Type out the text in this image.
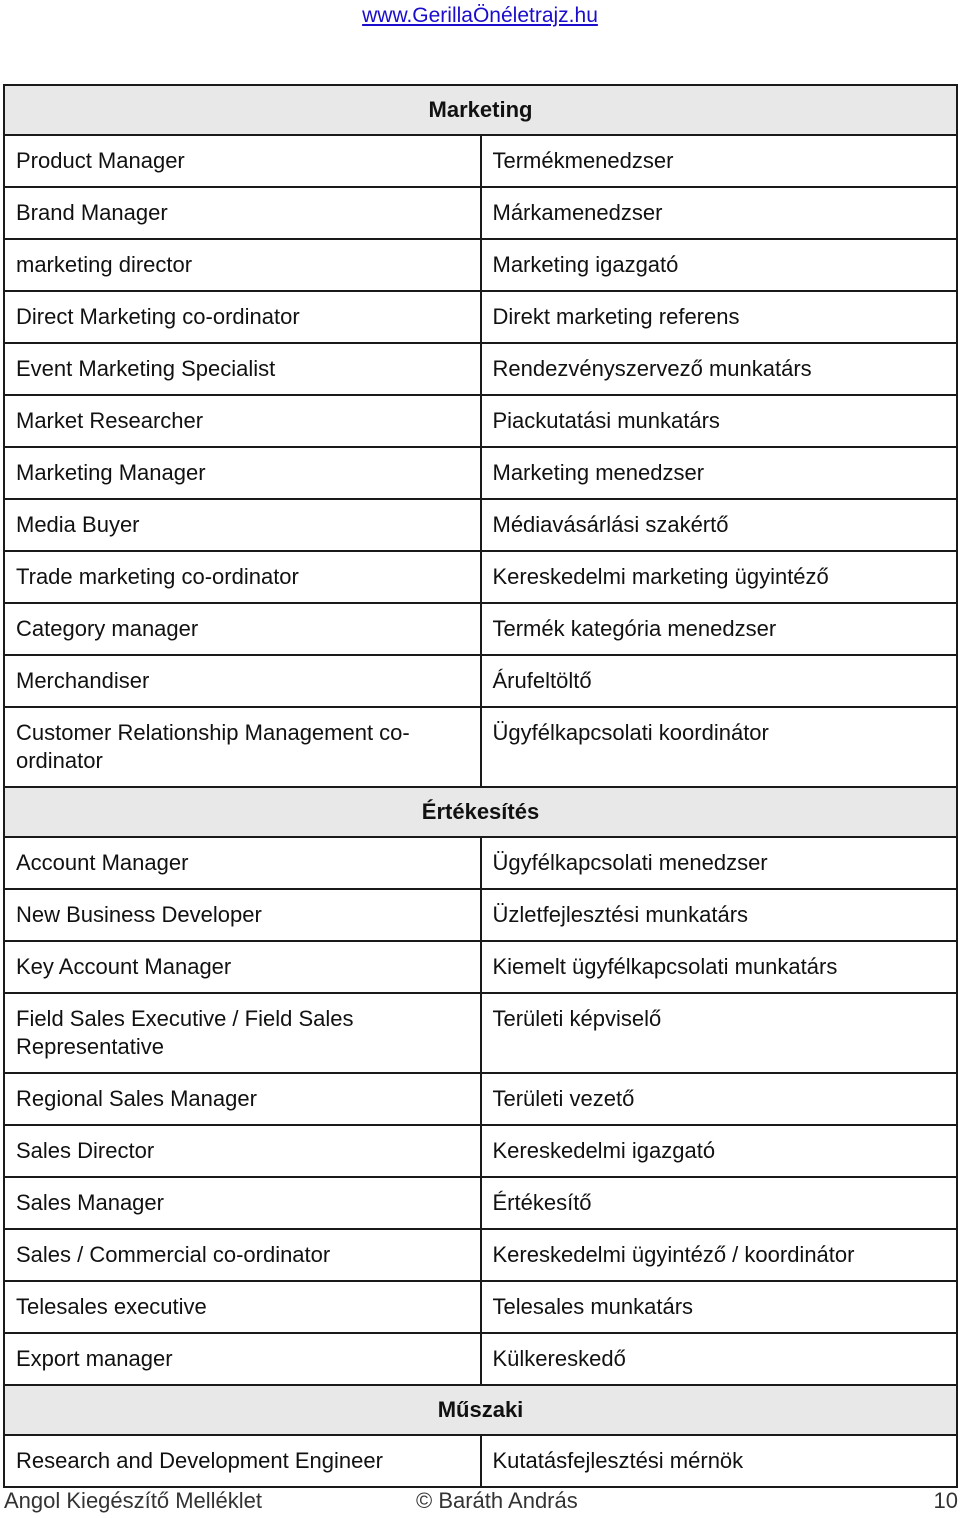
www.GerillaÖnéletrajz.hu
Marketing	
Product Manager	Termékmenedzser
Brand Manager	Márkamenedzser
marketing director	Marketing igazgató
Direct Marketing co-ordinator	Direkt marketing referens
Event Marketing Specialist	Rendezvényszervező munkatárs
Market Researcher	Piackutatási munkatárs
Marketing Manager	Marketing menedzser
Media Buyer	Médiavásárlási szakértő
Trade marketing co-ordinator	Kereskedelmi marketing ügyintéző
Category manager	Termék kategória menedzser
Merchandiser	Árufeltöltő
Customer Relationship Management co-ordinator	Ügyfélkapcsolati koordinátor
Értékesítés	
Account Manager	Ügyfélkapcsolati menedzser
New Business Developer	Üzletfejlesztési munkatárs
Key Account Manager	Kiemelt ügyfélkapcsolati munkatárs
Field Sales Executive / Field Sales Representative	Területi képviselő
Regional Sales Manager	Területi vezető
Sales Director	Kereskedelmi igazgató
Sales Manager	Értékesítő
Sales / Commercial co-ordinator	Kereskedelmi ügyintéző / koordinátor
Telesales executive	Telesales munkatárs
Export manager	Külkereskedő
Műszaki	
Research and Development Engineer	Kutatásfejlesztési mérnök
Angol Kiegészítő Melléklet	© Baráth András	10
